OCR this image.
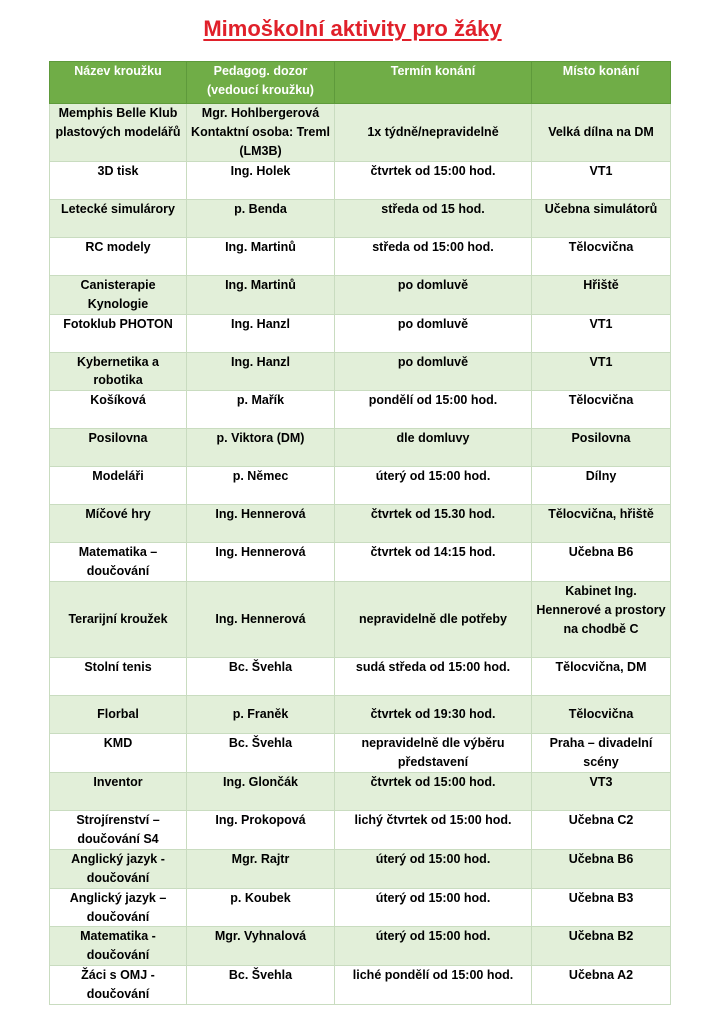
Mimoškolní aktivity pro žáky
Název kroužku	Pedagog. dozor (vedoucí kroužku)	Termín konání	Místo konání
Memphis Belle Klub plastových modelářů	Mgr. Hohlbergerová Kontaktní osoba: Treml (LM3B)	1x týdně/nepravidelně	Velká dílna na DM
3D tisk	Ing. Holek	čtvrtek od 15:00 hod.	VT1
Letecké simulárory	p. Benda	středa od 15 hod.	Učebna simulátorů
RC modely	Ing. Martinů	středa od 15:00 hod.	Tělocvična
Canisterapie Kynologie	Ing. Martinů	po domluvě	Hřiště
Fotoklub PHOTON	Ing. Hanzl	po domluvě	VT1
Kybernetika a robotika	Ing. Hanzl	po domluvě	VT1
Košíková	p. Mařík	pondělí od 15:00 hod.	Tělocvična
Posilovna	p. Viktora (DM)	dle domluvy	Posilovna
Modeláři	p. Němec	úterý od 15:00 hod.	Dílny
Míčové hry	Ing. Hennerová	čtvrtek od 15.30 hod.	Tělocvična, hřiště
Matematika – doučování	Ing. Hennerová	čtvrtek od 14:15 hod.	Učebna B6
Terarijní kroužek	Ing. Hennerová	nepravidelně dle potřeby	Kabinet Ing. Hennerové a prostory na chodbě C
Stolní tenis	Bc. Švehla	sudá středa od 15:00 hod.	Tělocvična, DM
Florbal	p. Franěk	čtvrtek od 19:30 hod.	Tělocvična
KMD	Bc. Švehla	nepravidelně dle výběru představení	Praha – divadelní scény
Inventor	Ing. Glončák	čtvrtek od 15:00 hod.	VT3
Strojírenství – doučování S4	Ing. Prokopová	lichý čtvrtek od 15:00 hod.	Učebna C2
Anglický jazyk - doučování	Mgr. Rajtr	úterý od 15:00 hod.	Učebna B6
Anglický jazyk – doučování	p. Koubek	úterý od 15:00 hod.	Učebna B3
Matematika - doučování	Mgr. Vyhnalová	úterý od 15:00 hod.	Učebna B2
Žáci s OMJ - doučování	Bc. Švehla	liché pondělí od 15:00 hod.	Učebna A2
